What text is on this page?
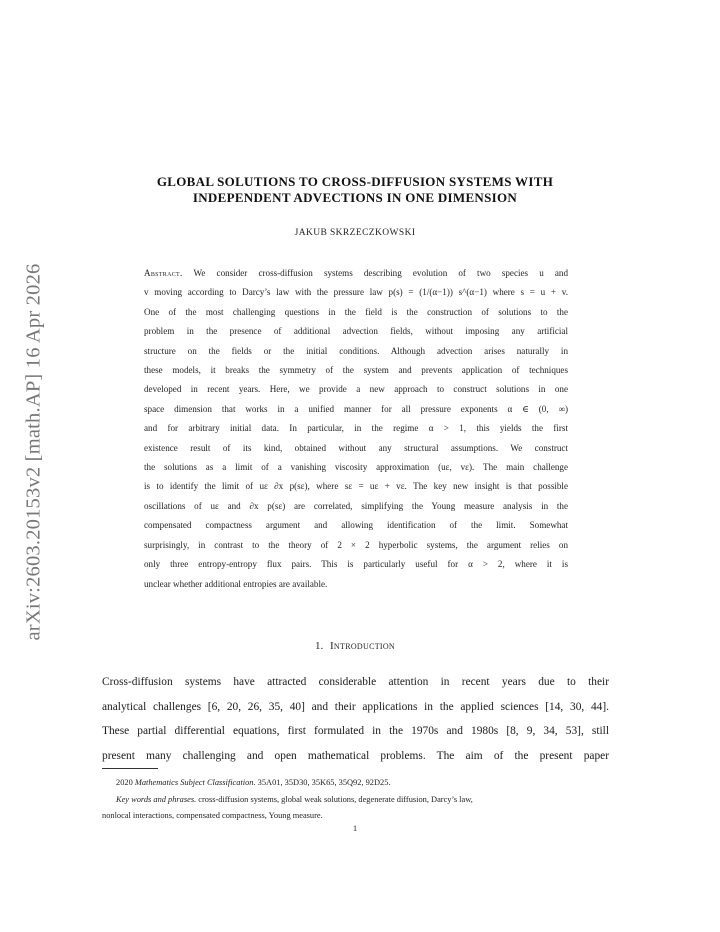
arXiv:2603.20153v2 [math.AP] 16 Apr 2026
GLOBAL SOLUTIONS TO CROSS-DIFFUSION SYSTEMS WITH
INDEPENDENT ADVECTIONS IN ONE DIMENSION
JAKUB SKRZECZKOWSKI
Abstract. We consider cross-diffusion systems describing evolution of two species u and
v moving according to Darcy’s law with the pressure law p(s) = (1/(α−1)) s^(α−1) where s = u + v.
One of the most challenging questions in the field is the construction of solutions to the
problem in the presence of additional advection fields, without imposing any artificial
structure on the fields or the initial conditions. Although advection arises naturally in
these models, it breaks the symmetry of the system and prevents application of techniques
developed in recent years. Here, we provide a new approach to construct solutions in one
space dimension that works in a unified manner for all pressure exponents α ∈ (0, ∞)
and for arbitrary initial data. In particular, in the regime α > 1, this yields the first
existence result of its kind, obtained without any structural assumptions. We construct
the solutions as a limit of a vanishing viscosity approximation (uε, vε). The main challenge
is to identify the limit of uε ∂x p(sε), where sε = uε + vε. The key new insight is that possible
oscillations of uε and ∂x p(sε) are correlated, simplifying the Young measure analysis in the
compensated compactness argument and allowing identification of the limit. Somewhat
surprisingly, in contrast to the theory of 2 × 2 hyperbolic systems, the argument relies on
only three entropy-entropy flux pairs. This is particularly useful for α > 2, where it is
unclear whether additional entropies are available.
1. Introduction
Cross-diffusion systems have attracted considerable attention in recent years due to their
analytical challenges [6, 20, 26, 35, 40] and their applications in the applied sciences [14, 30, 44].
These partial differential equations, first formulated in the 1970s and 1980s [8, 9, 34, 53], still
present many challenging and open mathematical problems. The aim of the present paper
2020 Mathematics Subject Classification. 35A01, 35D30, 35K65, 35Q92, 92D25.
Key words and phrases. cross-diffusion systems, global weak solutions, degenerate diffusion, Darcy’s law,
nonlocal interactions, compensated compactness, Young measure.
1
